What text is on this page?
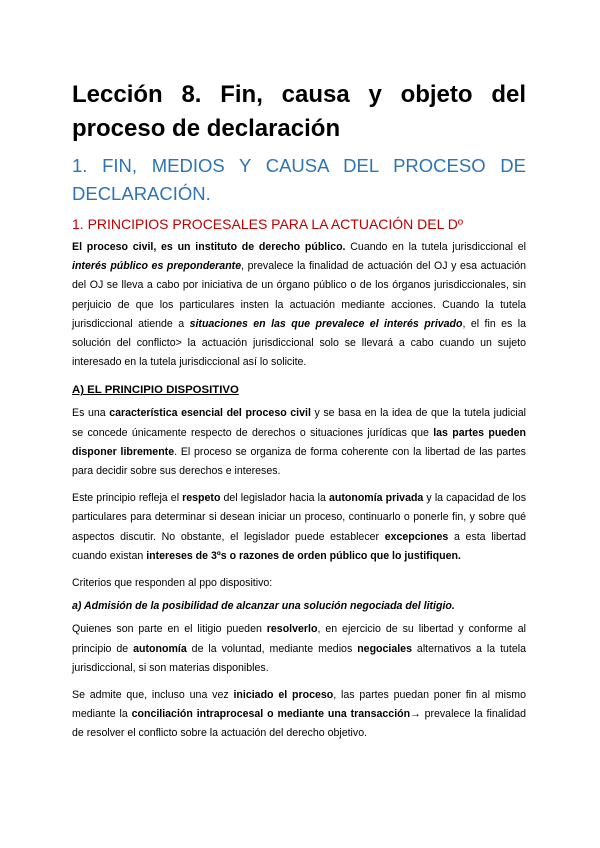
Lección 8. Fin, causa y objeto del
proceso de declaración
1. FIN, MEDIOS Y CAUSA DEL PROCESO DE DECLARACIÓN.
1. PRINCIPIOS PROCESALES PARA LA ACTUACIÓN DEL Dº

El proceso civil, es un instituto de derecho público. Cuando en la tutela jurisdiccional el interés público es preponderante, prevalece la finalidad de actuación del OJ y esa actuación del OJ se lleva a cabo por iniciativa de un órgano público o de los órganos jurisdiccionales, sin perjuicio de que los particulares insten la actuación mediante acciones. Cuando la tutela jurisdiccional atiende a situaciones en las que prevalece el interés privado, el fin es la solución del conflicto> la actuación jurisdiccional solo se llevará a cabo cuando un sujeto interesado en la tutela jurisdiccional así lo solicite.

A) EL PRINCIPIO DISPOSITIVO

Es una característica esencial del proceso civil y se basa en la idea de que la tutela judicial se concede únicamente respecto de derechos o situaciones jurídicas que las partes pueden disponer libremente. El proceso se organiza de forma coherente con la libertad de las partes para decidir sobre sus derechos e intereses.

Este principio refleja el respeto del legislador hacia la autonomía privada y la capacidad de los particulares para determinar si desean iniciar un proceso, continuarlo o ponerle fin, y sobre qué aspectos discutir. No obstante, el legislador puede establecer excepciones a esta libertad cuando existan intereses de 3ºs o razones de orden público que lo justifiquen.

Criterios que responden al ppo dispositivo:

a) Admisión de la posibilidad de alcanzar una solución negociada del litigio.

Quienes son parte en el litigio pueden resolverlo, en ejercicio de su libertad y conforme al principio de autonomía de la voluntad, mediante medios negociales alternativos a la tutela jurisdiccional, si son materias disponibles.

Se admite que, incluso una vez iniciado el proceso, las partes puedan poner fin al mismo mediante la conciliación intraprocesal o mediante una transacción→ prevalece la finalidad de resolver el conflicto sobre la actuación del derecho objetivo.
